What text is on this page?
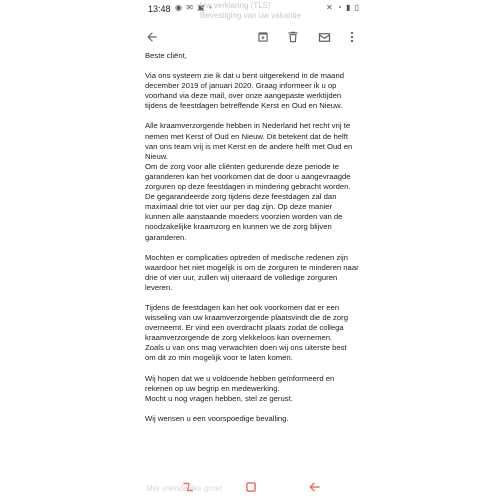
13:48 ◉ ✉ ▣ •
Uw verklaring (TLS)
Bevestiging van uw vakantie
✕ ◔ ▮ ▯

Beste cliënt,

Via ons systeem zie ik dat u bent uitgerekend in de maand december 2019 of januari 2020. Graag informeer ik u op voorhand via deze mail, over onze aangepaste werktijden tijdens de feestdagen betreffende Kerst en Oud en Nieuw.

Alle kraamverzorgende hebben in Nederland het recht vrij te nemen met Kerst of Oud en Nieuw. Dit betekent dat de helft van ons team vrij is met Kerst en de andere helft met Oud en Nieuw.
Om de zorg voor alle cliënten gedurende deze periode te garanderen kan het voorkomen dat de door u aangevraagde zorguren op deze feestdagen in mindering gebracht worden. De gegarandeerde zorg tijdens deze feestdagen zal dan maximaal drie tot vier uur per dag zijn. Op deze manier kunnen alle aanstaande moeders voorzien worden van de noodzakelijke kraamzorg en kunnen we de zorg blijven garanderen.

Mochten er complicaties optreden of medische redenen zijn waardoor het niet mogelijk is om de zorguren te minderen naar drie of vier uur, zullen wij uiteraard de volledige zorguren leveren.

Tijdens de feestdagen kan het ook voorkomen dat er een wisseling van uw kraamverzorgende plaatsvindt die de zorg overneemt. Er vind een overdracht plaats zodat de collega kraamverzorgende de zorg vlekkeloos kan overnemen.
Zoals u van ons mag verwachten doen wij ons uiterste best om dit zo min mogelijk voor te laten komen.

Wij hopen dat we u voldoende hebben geïnformeerd en rekenen op uw begrip en medewerking.
Mocht u nog vragen hebben, stel ze gerust.

Wij wensen u een voorspoedige bevalling.

Met vriendelijke groet
